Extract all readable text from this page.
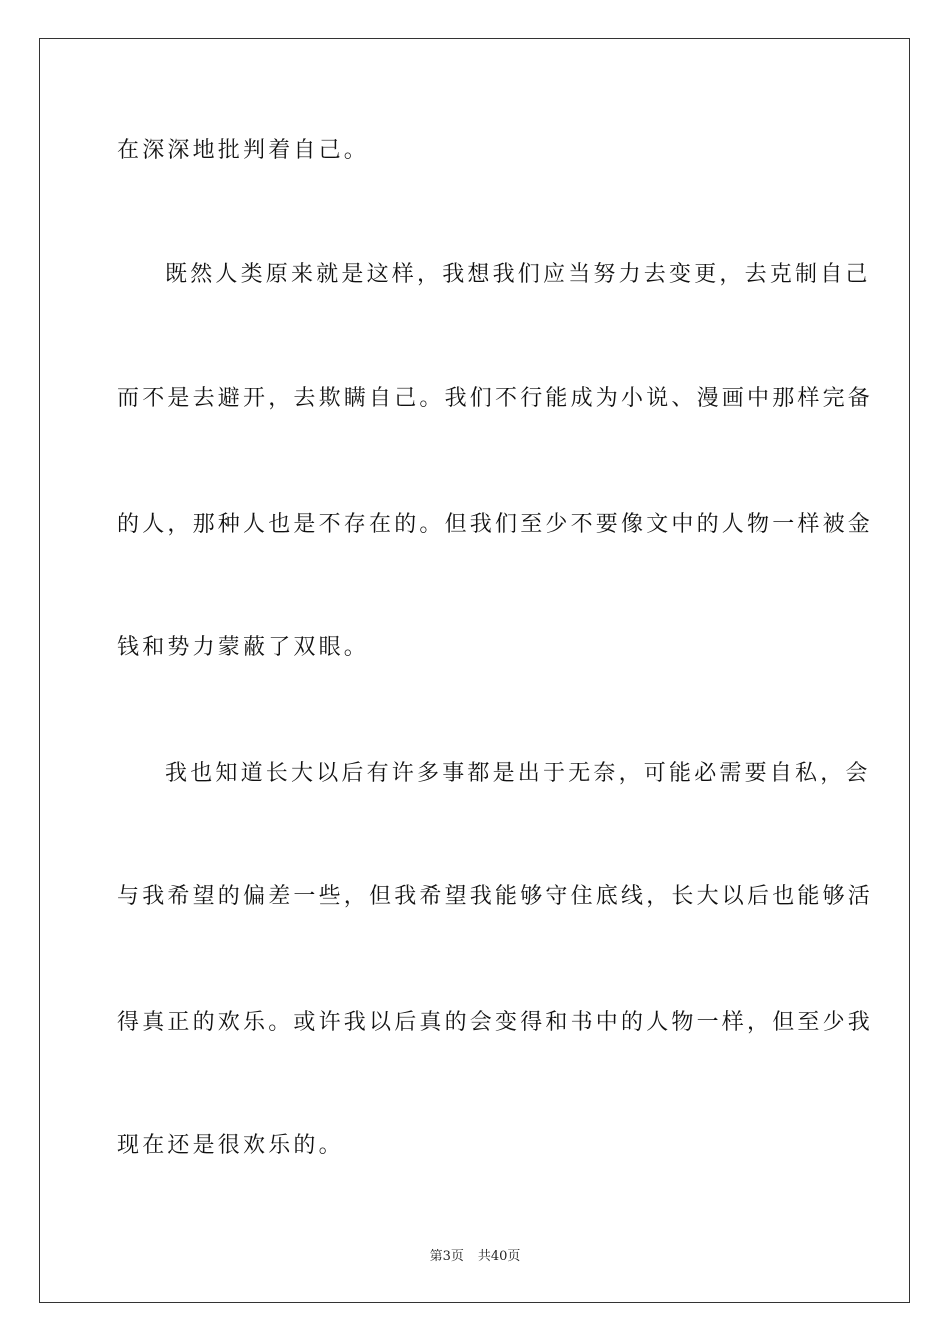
在深深地批判着自己。
既然人类原来就是这样，我想我们应当努力去变更，去克制自己
而不是去避开，去欺瞒自己。我们不行能成为小说、漫画中那样完备
的人，那种人也是不存在的。但我们至少不要像文中的人物一样被金
钱和势力蒙蔽了双眼。
我也知道长大以后有许多事都是出于无奈，可能必需要自私，会
与我希望的偏差一些，但我希望我能够守住底线，长大以后也能够活
得真正的欢乐。或许我以后真的会变得和书中的人物一样，但至少我
现在还是很欢乐的。
第3页 共40页
